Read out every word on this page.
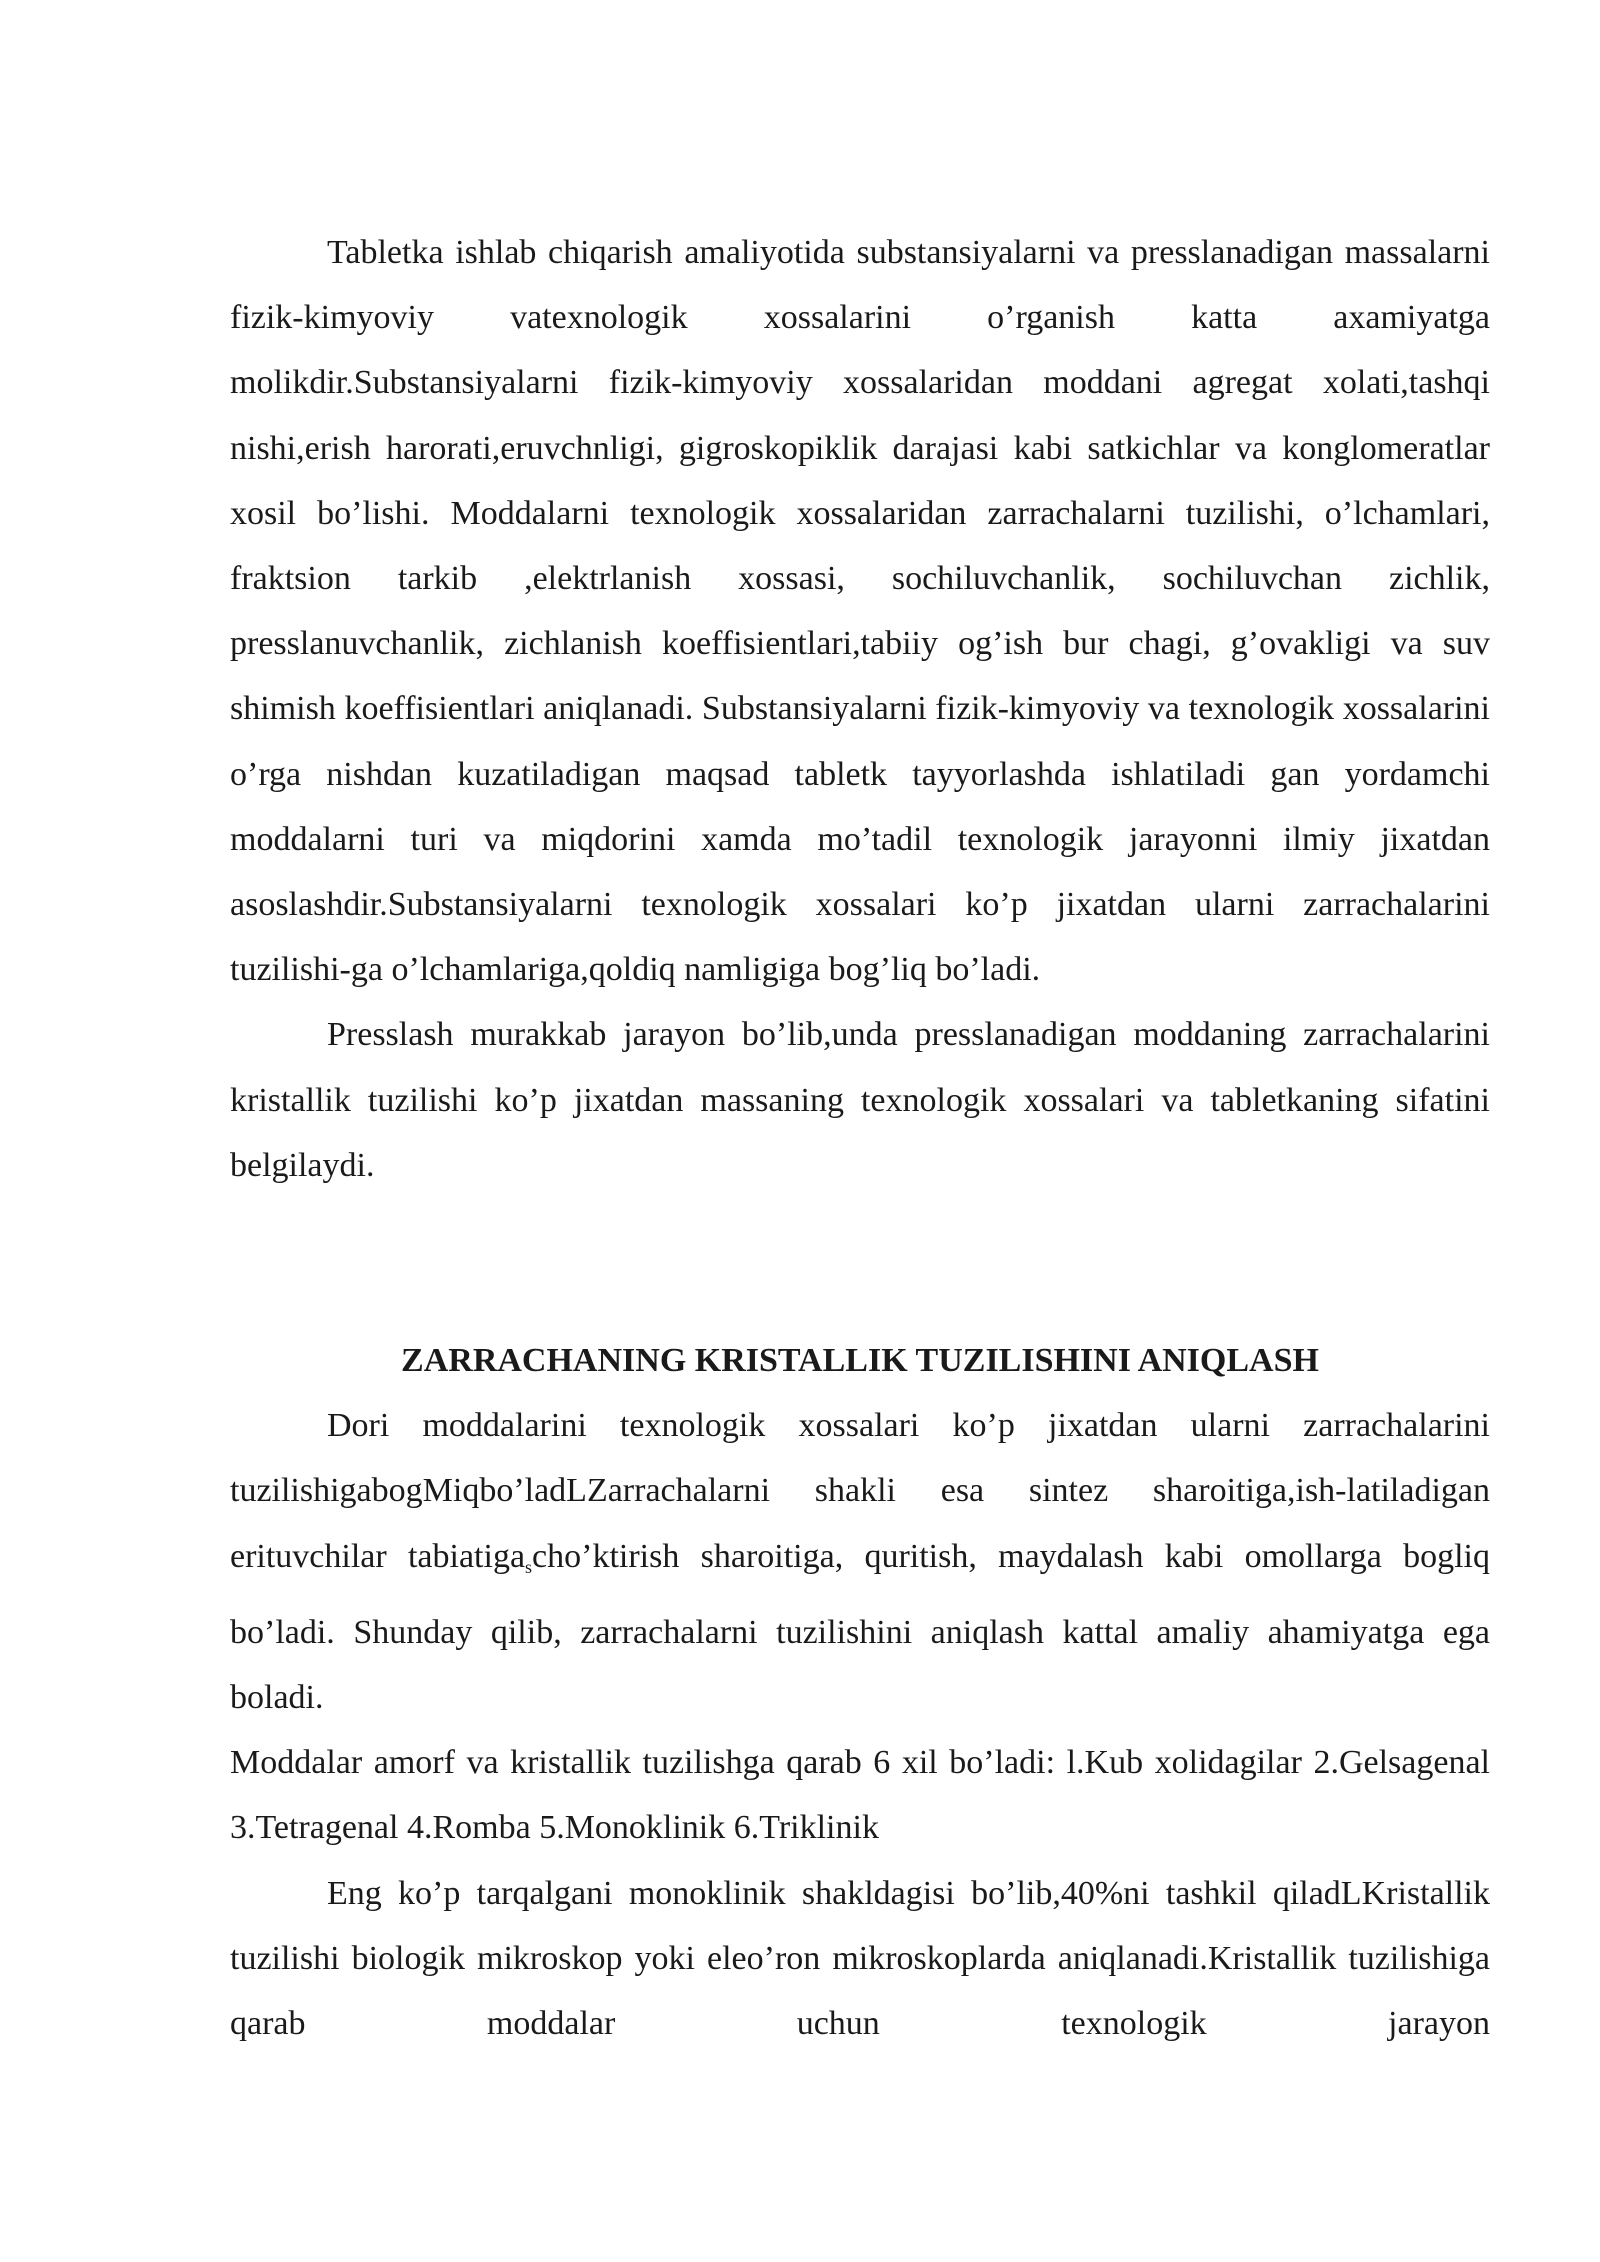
Tabletka ishlab chiqarish amaliyotida substansiyalarni va presslanadigan massalarni fizik-kimyoviy vatexnologik xossalarini o’rganish katta axamiyatga molikdir.Substansiyalarni fizik-kimyoviy xossalaridan moddani agregat xolati,tashqi nishi,erish harorati,eruvchnligi, gigroskopiklik darajasi kabi satkichlar va konglomeratlar xosil bo’lishi. Moddalarni texnologik xossalaridan zarrachalarni tuzilishi, o’lchamlari, fraktsion tarkib ,elektrlanish xossasi, sochiluvchanlik, sochiluvchan zichlik, presslanuvchanlik, zichlanish koeffisientlari,tabiiy og’ish bur chagi, g’ovakligi va suv shimish koeffisientlari aniqlanadi. Substansiyalarni fizik-kimyoviy va texnologik xossalarini o’rga nishdan kuzatiladigan maqsad tabletk tayyorlashda ishlatiladi gan yordamchi moddalarni turi va miqdorini xamda mo’tadil texnologik jarayonni ilmiy jixatdan asoslashdir.Substansiyalarni texnologik xossalari ko’p jixatdan ularni zarrachalarini tuzilishi-ga o’lchamlariga,qoldiq namligiga bog’liq bo’ladi.

Presslash murakkab jarayon bo’lib,unda presslanadigan moddaning zarrachalarini kristallik tuzilishi ko’p jixatdan massaning texnologik xossalari va tabletkaning sifatini belgilaydi.

ZARRACHANING KRISTALLIK TUZILISHINI ANIQLASH

Dori moddalarini texnologik xossalari ko’p jixatdan ularni zarrachalarini tuzilishigabogMiqbo’ladLZarrachalarni shakli esa sintez sharoitiga,ish-latiladigan erituvchilar tabiatiga$_s$cho’ktirish sharoitiga, quritish, maydalash kabi omollarga bogliq bo’ladi. Shunday qilib, zarrachalarni tuzilishini aniqlash kattal amaliy ahamiyatga ega boladi.

Moddalar amorf va kristallik tuzilishga qarab 6 xil bo’ladi: l.Kub xolidagilar 2.Gelsagenal 3.Tetragenal 4.Romba 5.Monoklinik 6.Triklinik

Eng ko’p tarqalgani monoklinik shakldagisi bo’lib,40%ni tashkil qiladLKristallik tuzilishi biologik mikroskop yoki eleo’ron mikroskoplarda aniqlanadi.Kristallik tuzilishiga qarab moddalar uchun texnologik jarayon
